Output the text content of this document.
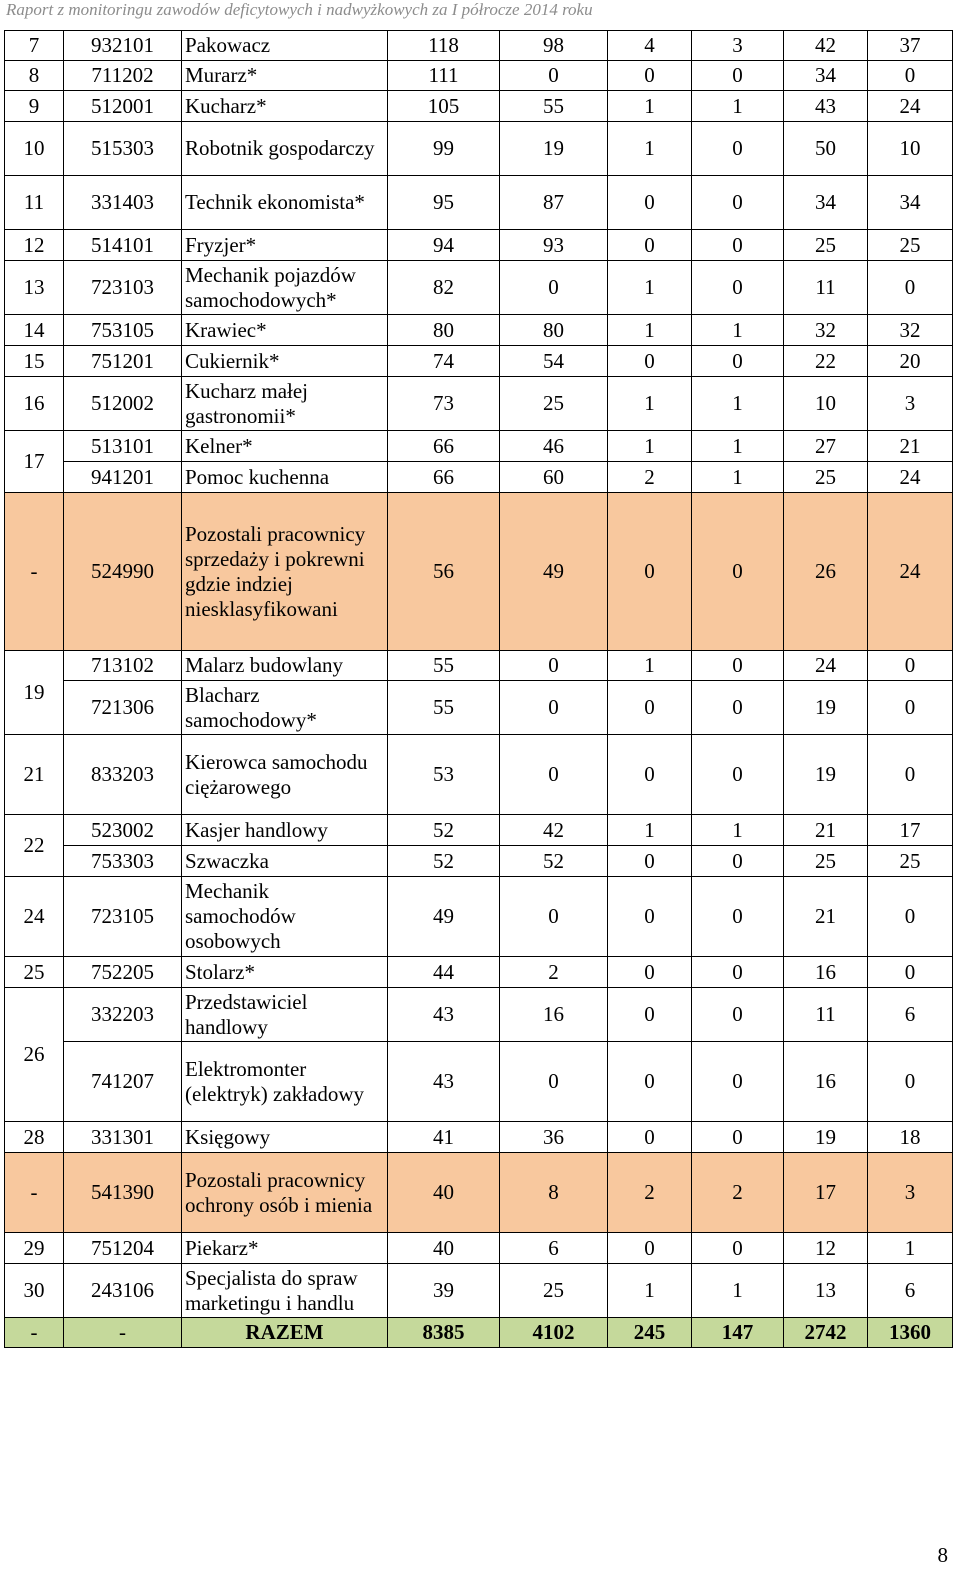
Raport z monitoringu zawodów deficytowych i nadwyżkowych za I półrocze 2014 roku
7	932101	Pakowacz	118	98	4	3	42	37
8	711202	Murarz*	111	0	0	0	34	0
9	512001	Kucharz*	105	55	1	1	43	24
10	515303	Robotnik gospodarczy	99	19	1	0	50	10
11	331403	Technik ekonomista*	95	87	0	0	34	34
12	514101	Fryzjer*	94	93	0	0	25	25
13	723103	Mechanik pojazdów samochodowych*	82	0	1	0	11	0
14	753105	Krawiec*	80	80	1	1	32	32
15	751201	Cukiernik*	74	54	0	0	22	20
16	512002	Kucharz małej gastronomii*	73	25	1	1	10	3
17	513101	Kelner*	66	46	1	1	27	21
	941201	Pomoc kuchenna	66	60	2	1	25	24
-	524990	Pozostali pracownicy sprzedaży i pokrewni gdzie indziej niesklasyfikowani	56	49	0	0	26	24
19	713102	Malarz budowlany	55	0	1	0	24	0
	721306	Blacharz samochodowy*	55	0	0	0	19	0
21	833203	Kierowca samochodu ciężarowego	53	0	0	0	19	0
22	523002	Kasjer handlowy	52	42	1	1	21	17
	753303	Szwaczka	52	52	0	0	25	25
24	723105	Mechanik samochodów osobowych	49	0	0	0	21	0
25	752205	Stolarz*	44	2	0	0	16	0
26	332203	Przedstawiciel handlowy	43	16	0	0	11	6
	741207	Elektromonter (elektryk) zakładowy	43	0	0	0	16	0
28	331301	Księgowy	41	36	0	0	19	18
-	541390	Pozostali pracownicy ochrony osób i mienia	40	8	2	2	17	3
29	751204	Piekarz*	40	6	0	0	12	1
30	243106	Specjalista do spraw marketingu i handlu	39	25	1	1	13	6
-	-	RAZEM	8385	4102	245	147	2742	1360
8
